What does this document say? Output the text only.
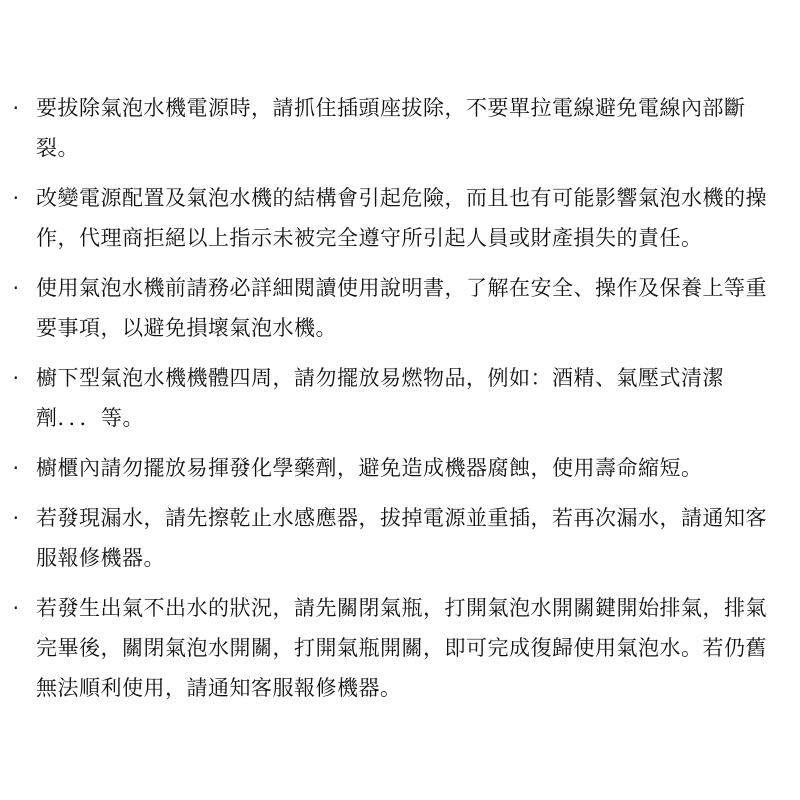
· 要拔除氣泡水機電源時，請抓住插頭座拔除，不要單拉電線避免電線內部斷裂。
· 改變電源配置及氣泡水機的結構會引起危險，而且也有可能影響氣泡水機的操作，代理商拒絕以上指示未被完全遵守所引起人員或財產損失的責任。
· 使用氣泡水機前請務必詳細閱讀使用說明書，了解在安全、操作及保養上等重要事項，以避免損壞氣泡水機。
· 櫥下型氣泡水機機體四周，請勿擺放易燃物品，例如：酒精、氣壓式清潔劑．．．等。
· 櫥櫃內請勿擺放易揮發化學藥劑，避免造成機器腐蝕，使用壽命縮短。
· 若發現漏水，請先擦乾止水感應器，拔掉電源並重插，若再次漏水，請通知客服報修機器。
· 若發生出氣不出水的狀況，請先關閉氣瓶，打開氣泡水開關鍵開始排氣，排氣完畢後，關閉氣泡水開關，打開氣瓶開關，即可完成復歸使用氣泡水。若仍舊無法順利使用，請通知客服報修機器。
